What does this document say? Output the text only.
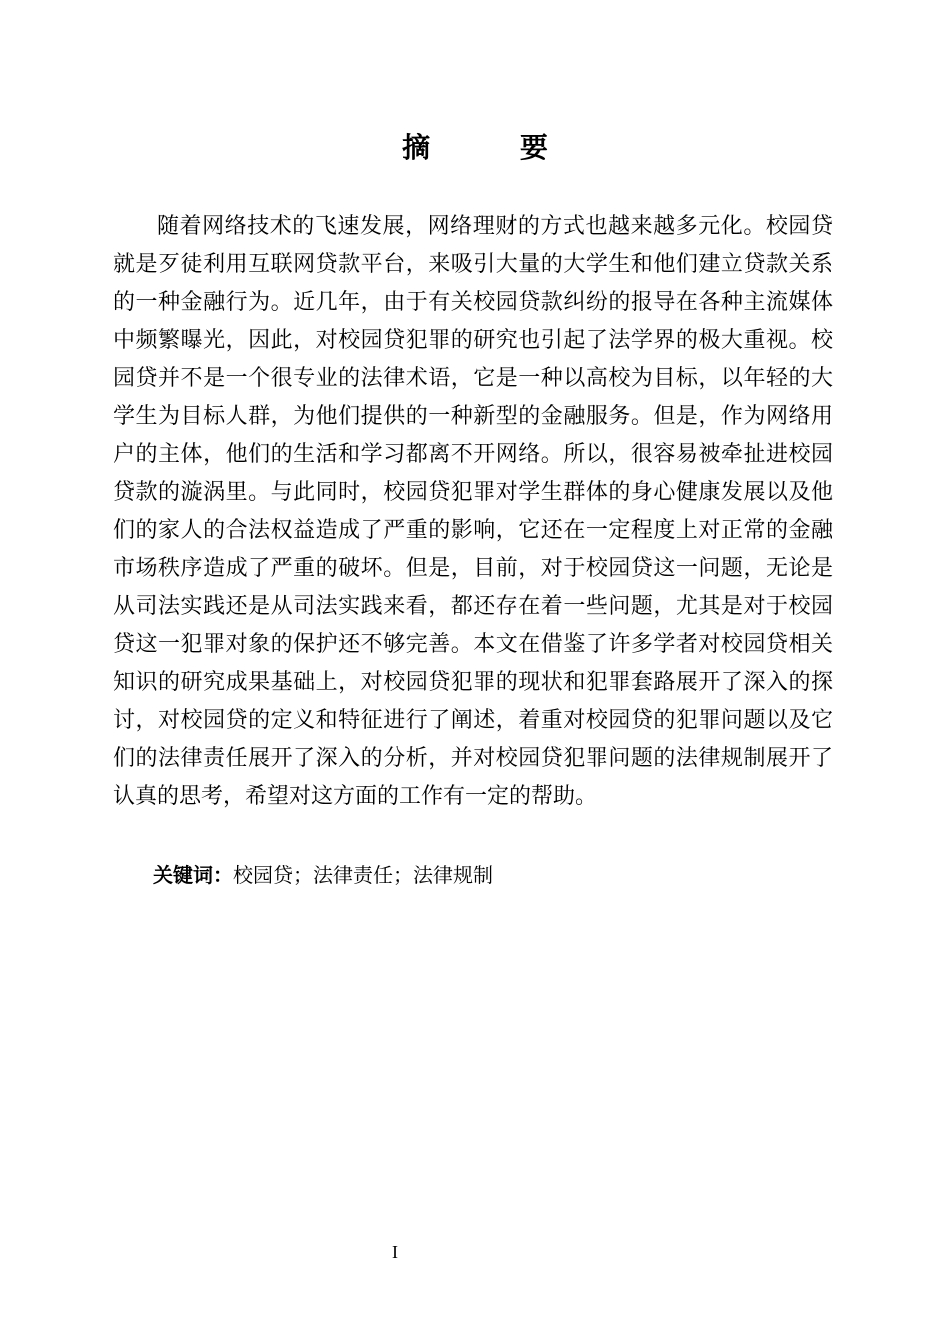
摘 要

随着网络技术的飞速发展，网络理财的方式也越来越多元化。校园贷就是歹徒利用互联网贷款平台，来吸引大量的大学生和他们建立贷款关系的一种金融行为。近几年，由于有关校园贷款纠纷的报导在各种主流媒体中频繁曝光，因此，对校园贷犯罪的研究也引起了法学界的极大重视。校园贷并不是一个很专业的法律术语，它是一种以高校为目标，以年轻的大学生为目标人群，为他们提供的一种新型的金融服务。但是，作为网络用户的主体，他们的生活和学习都离不开网络。所以，很容易被牵扯进校园贷款的漩涡里。与此同时，校园贷犯罪对学生群体的身心健康发展以及他们的家人的合法权益造成了严重的影响，它还在一定程度上对正常的金融市场秩序造成了严重的破坏。但是，目前，对于校园贷这一问题，无论是从司法实践还是从司法实践来看，都还存在着一些问题，尤其是对于校园贷这一犯罪对象的保护还不够完善。本文在借鉴了许多学者对校园贷相关知识的研究成果基础上，对校园贷犯罪的现状和犯罪套路展开了深入的探讨，对校园贷的定义和特征进行了阐述，着重对校园贷的犯罪问题以及它们的法律责任展开了深入的分析，并对校园贷犯罪问题的法律规制展开了认真的思考，希望对这方面的工作有一定的帮助。

关键词：校园贷；法律责任；法律规制

I
